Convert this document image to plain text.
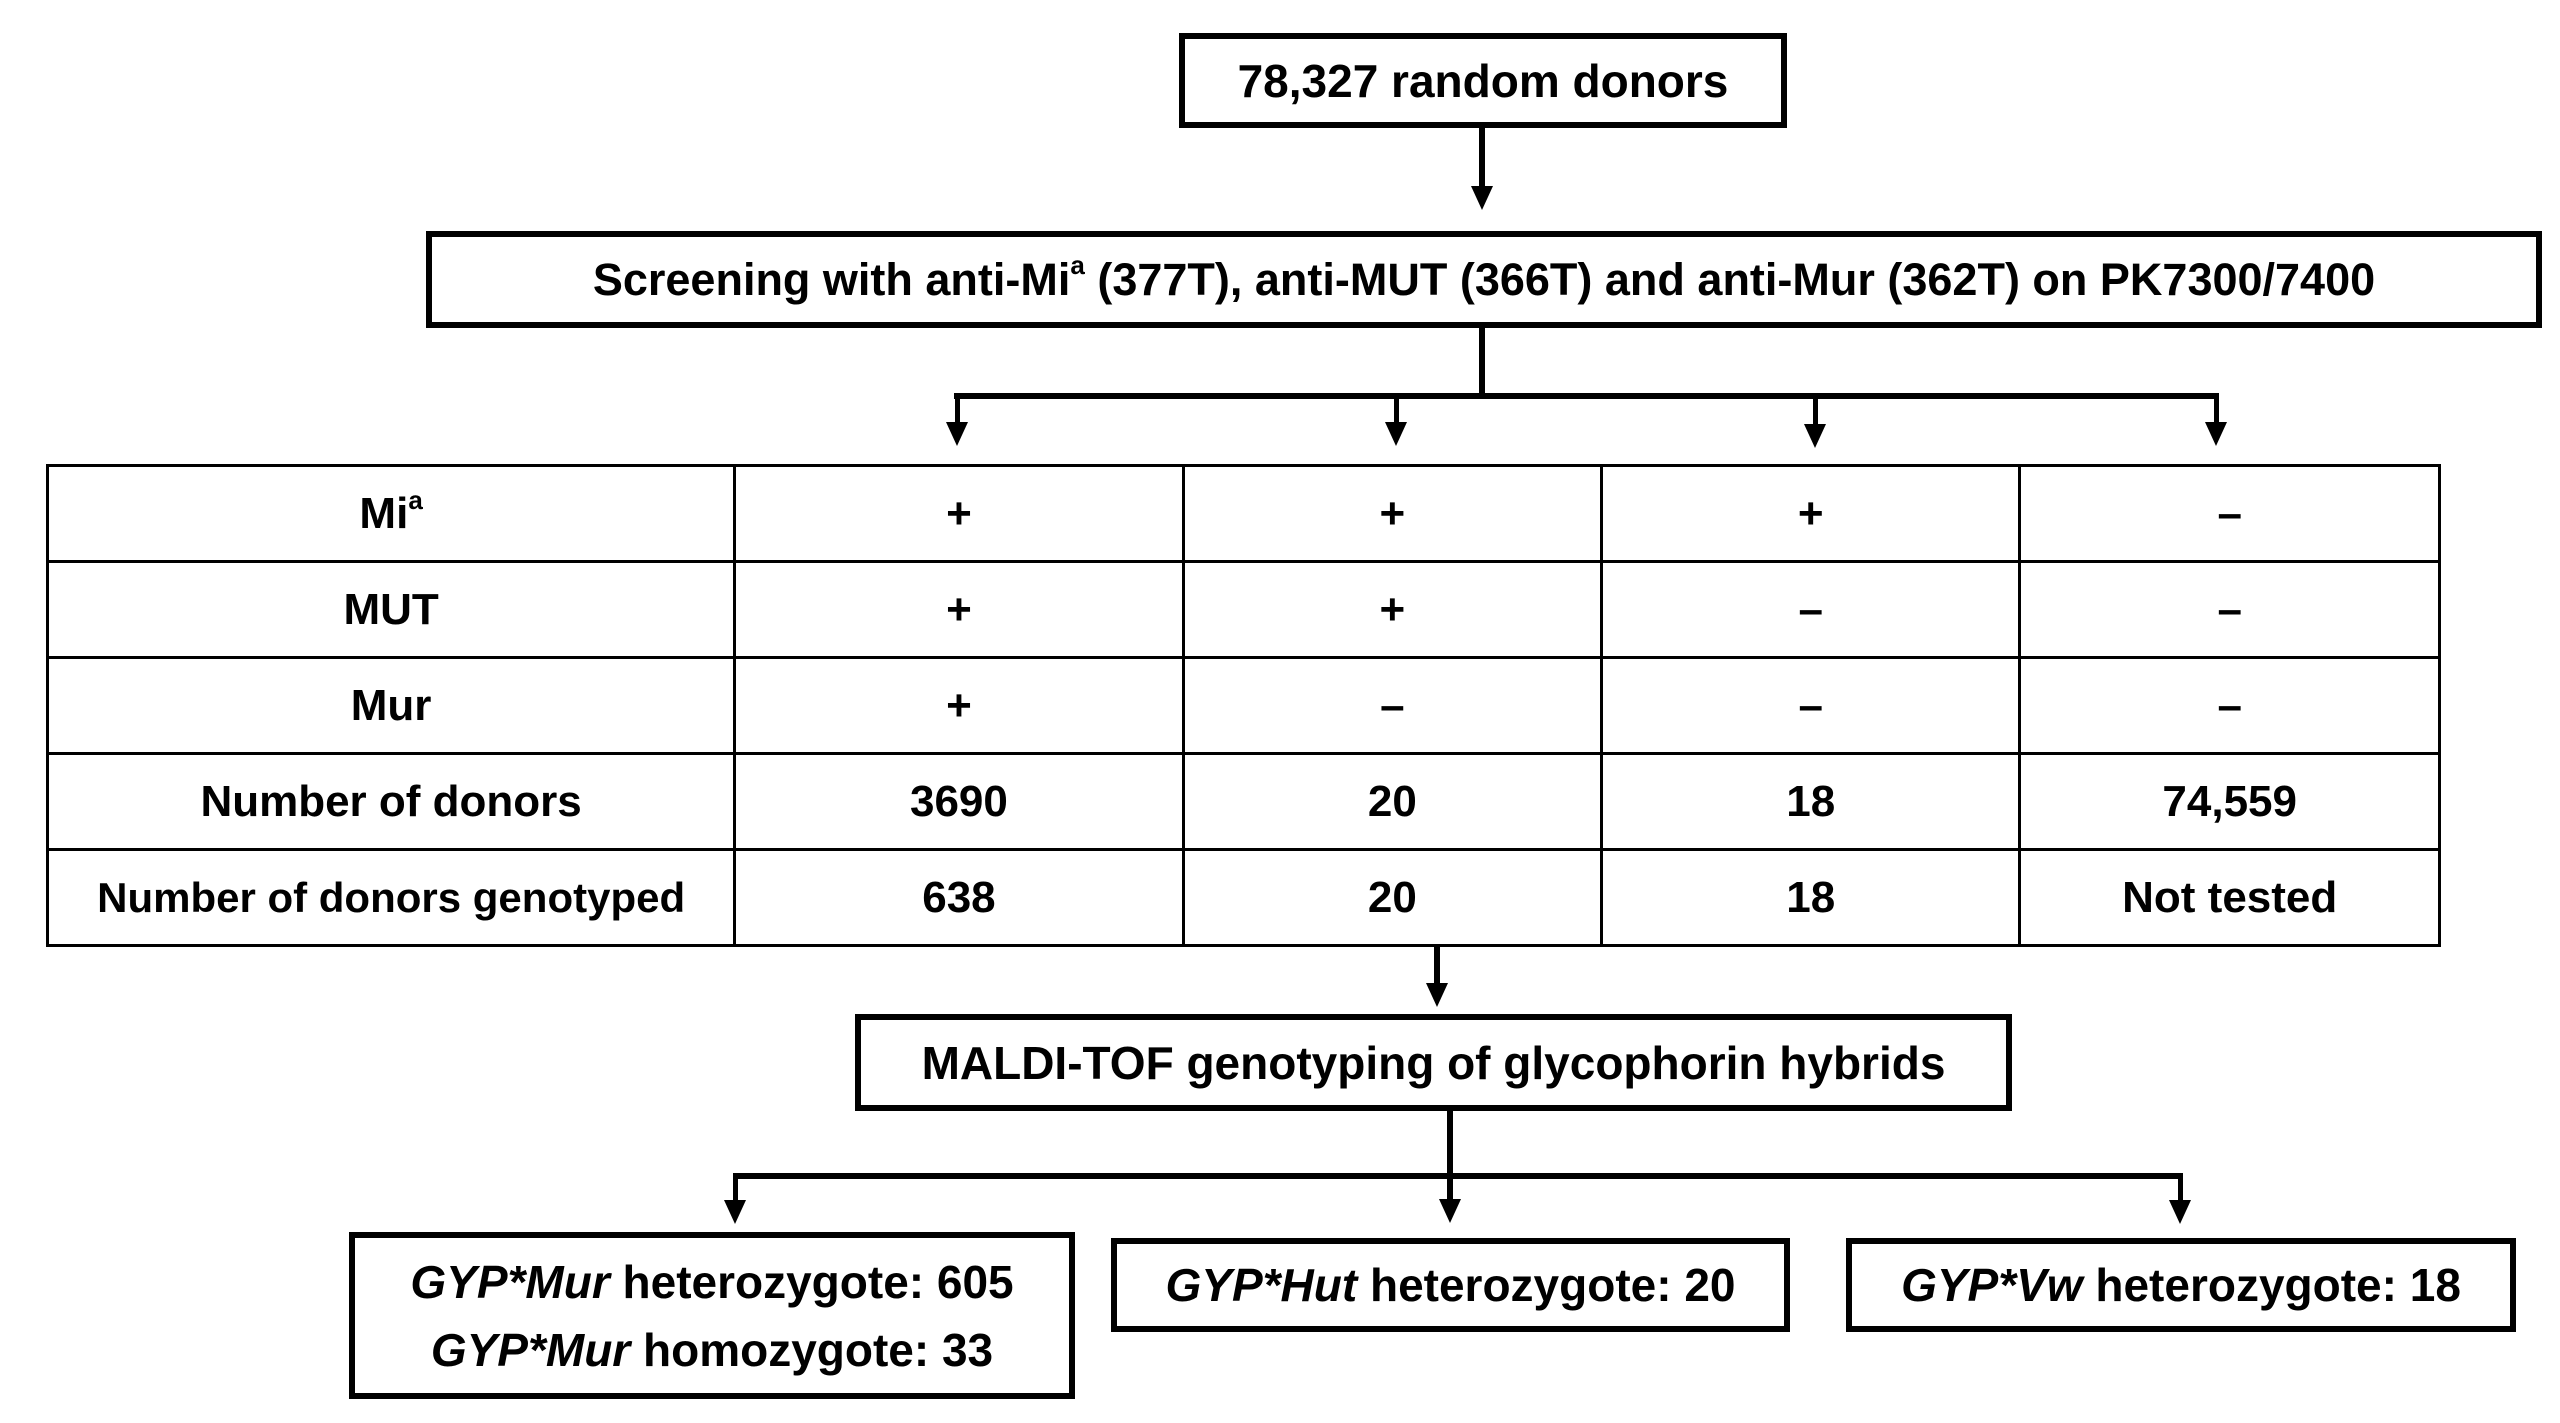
78,327 random donors
Screening with anti-Mi$^a$ (377T), anti-MUT (366T) and anti-Mur (362T) on PK7300/7400
$Mi^a$	+	+	+	–
MUT	+	+	–	–
Mur	+	–	–	–
Number of donors	3690	20	18	74,559
Number of donors genotyped	638	20	18	Not tested
MALDI-TOF genotyping of glycophorin hybrids
GYP*Mur heterozygote: 605
GYP*Mur homozygote: 33
GYP*Hut heterozygote: 20	GYP*Vw heterozygote: 18
